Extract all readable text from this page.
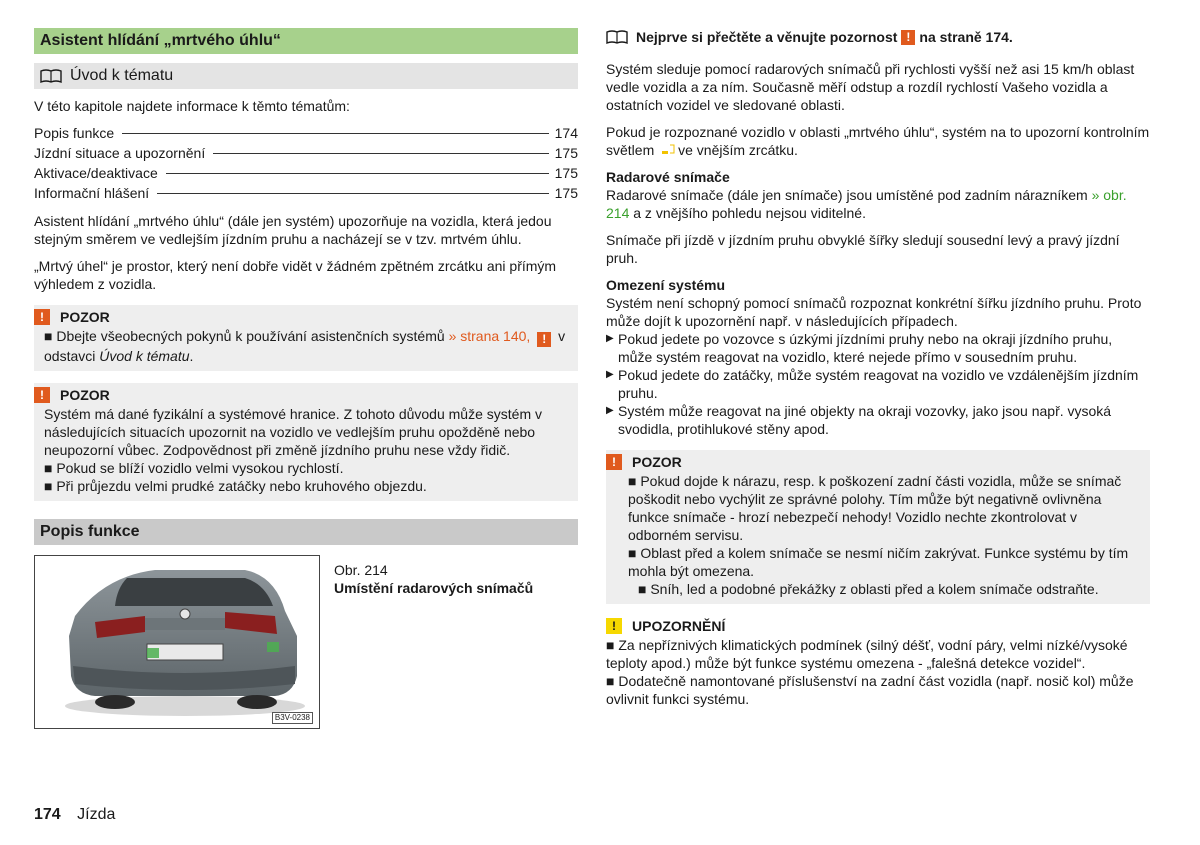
Asistent hlídání „mrtvého úhlu“
Úvod k tématu

V této kapitole najdete informace k těmto tématům:

Popis funkce	174
Jízdní situace a upozornění	175
Aktivace/deaktivace	175
Informační hlášení	175

Asistent hlídání „mrtvého úhlu“ (dále jen systém) upozorňuje na vozidla, která jedou stejným směrem ve vedlejším jízdním pruhu a nacházejí se v tzv. mrtvém úhlu.

„Mrtvý úhel“ je prostor, který není dobře vidět v žádném zpětném zrcátku ani přímým výhledem z vozidla.

!	POZOR

■ Dbejte všeobecných pokynů k používání asistenčních systémů » strana 140, ! v odstavci Úvod k tématu.

!	POZOR

Systém má dané fyzikální a systémové hranice. Z tohoto důvodu může systém v následujících situacích upozornit na vozidlo ve vedlejším pruhu opožděně nebo neupozorní vůbec. Zodpovědnost při změně jízdního pruhu nese vždy řidič.

■ Pokud se blíží vozidlo velmi vysokou rychlostí.

■ Při průjezdu velmi prudké zatáčky nebo kruhového objezdu.

Popis funkce
B3V-0238
Obr. 214
Umístění radarových snímačů

Nejprve si přečtěte a věnujte pozornost ! na straně 174.

Systém sleduje pomocí radarových snímačů při rychlosti vyšší než asi 15 km/h oblast vedle vozidla a za ním. Současně měří odstup a rozdíl rychlostí Vašeho vozidla a ostatních vozidel ve sledované oblasti.

Pokud je rozpoznané vozidlo v oblasti „mrtvého úhlu“, systém na to upozorní kontrolním světlem ve vnějším zrcátku.

Radarové snímače

Radarové snímače (dále jen snímače) jsou umístěné pod zadním nárazníkem » obr. 214 a z vnějšího pohledu nejsou viditelné.

Snímače při jízdě v jízdním pruhu obvyklé šířky sledují sousední levý a pravý jízdní pruh.

Omezení systému

Systém není schopný pomocí snímačů rozpoznat konkrétní šířku jízdního pruhu. Proto může dojít k upozornění např. v následujících případech.

▶ Pokud jedete po vozovce s úzkými jízdními pruhy nebo na okraji jízdního pruhu, může systém reagovat na vozidlo, které nejede přímo v sousedním pruhu.
▶ Pokud jedete do zatáčky, může systém reagovat na vozidlo ve vzdálenějším jízdním pruhu.
▶ Systém může reagovat na jiné objekty na okraji vozovky, jako jsou např. vysoká svodidla, protihlukové stěny apod.
!	POZOR

■ Pokud dojde k nárazu, resp. k poškození zadní části vozidla, může se snímač poškodit nebo vychýlit ze správné polohy. Tím může být negativně ovlivněna funkce snímače - hrozí nebezpečí nehody! Vozidlo nechte zkontrolovat v odborném servisu.

■ Oblast před a kolem snímače se nesmí ničím zakrývat. Funkce systému by tím mohla být omezena.

■ Sníh, led a podobné překážky z oblasti před a kolem snímače odstraňte.

!	UPOZORNĚNÍ

■ Za nepříznivých klimatických podmínek (silný déšť, vodní páry, velmi nízké/vysoké teploty apod.) může být funkce systému omezena - „falešná detekce vozidel“.

■ Dodatečně namontované příslušenství na zadní část vozidla (např. nosič kol) může ovlivnit funkci systému.

174 Jízda
